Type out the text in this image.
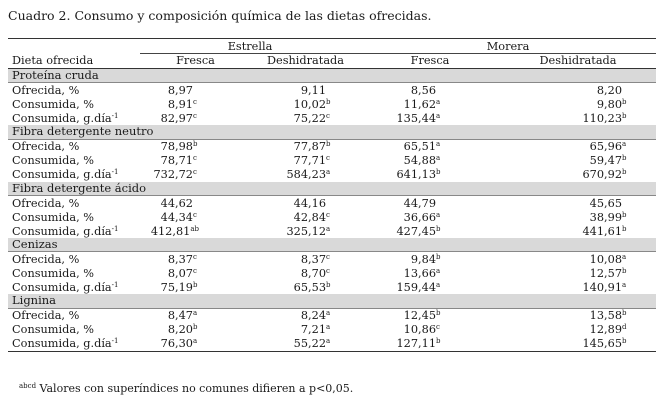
Cuadro 2. Consumo y composición química de las dietas ofrecidas.
	Estrella		Morera	
Dieta ofrecida	Fresca	Deshidratada	Fresca	Deshidratada
Proteína cruda				
Ofrecida, %	8,97	9,11	8,56	8,20
Consumida, %	8,91$^c$	10,02$^b$	11,62$^a$	9,80$^b$
Consumida, g.día$^{-1}$	82,97$^c$	75,22$^c$	135,44$^a$	110,23$^b$
Fibra detergente neutro				
Ofrecida, %	78,98$^b$	77,87$^b$	65,51$^a$	65,96$^a$
Consumida, %	78,71$^c$	77,71$^c$	54,88$^a$	59,47$^b$
Consumida, g.día$^{-1}$	732,72$^c$	584,23$^a$	641,13$^b$	670,92$^b$
Fibra detergente ácido				
Ofrecida, %	44,62	44,16	44,79	45,65
Consumida, %	44,34$^c$	42,84$^c$	36,66$^a$	38,99$^b$
Consumida, g.día$^{-1}$	412,81$^{ab}$	325,12$^a$	427,45$^b$	441,61$^b$
Cenizas				
Ofrecida, %	8,37$^c$	8,37$^c$	9,84$^b$	10,08$^a$
Consumida, %	8,07$^c$	8,70$^c$	13,66$^a$	12,57$^b$
Consumida, g.día$^{-1}$	75,19$^b$	65,53$^b$	159,44$^a$	140,91$^a$
Lignina				
Ofrecida, %	8,47$^a$	8,24$^a$	12,45$^b$	13,58$^b$
Consumida, %	8,20$^b$	7,21$^a$	10,86$^c$	12,89$^d$
Consumida, g.día$^{-1}$	76,30$^a$	55,22$^a$	127,11$^b$	145,65$^b$
$^{abcd}$ Valores con superíndices no comunes difieren a p<0,05.
